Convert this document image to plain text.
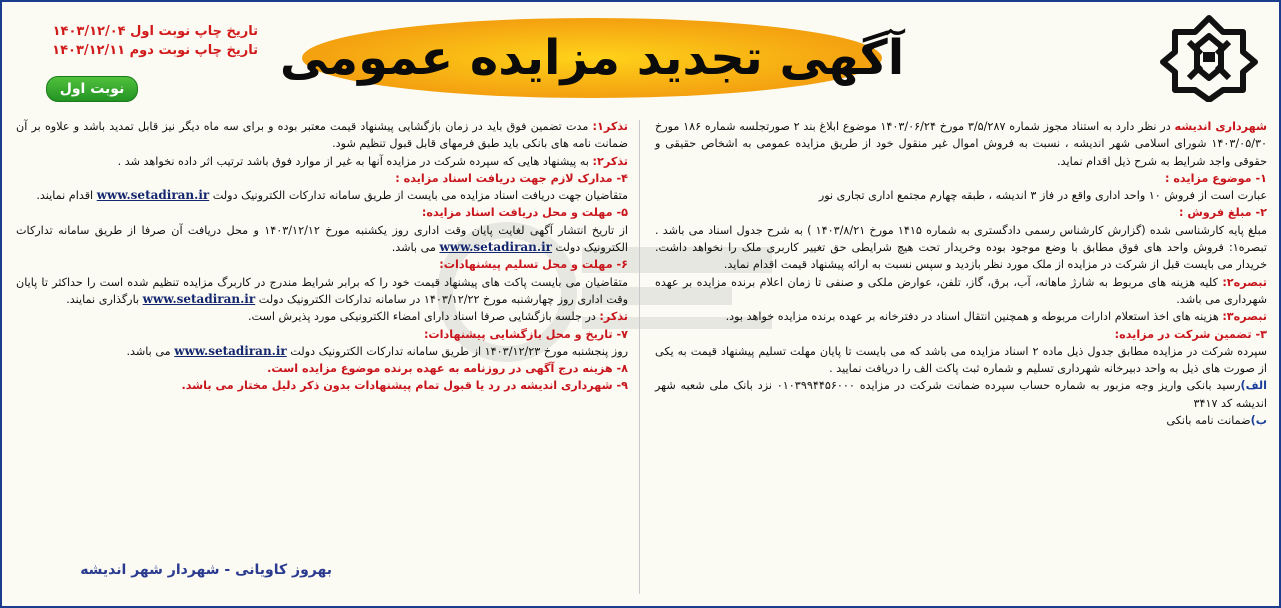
آگهی تجدید مزایده عمومی
تاریخ چاپ نوبت اول ۱۴۰۳/۱۲/۰۴
تاریخ چاپ نوبت دوم ۱۴۰۳/۱۲/۱۱
نوبت اول

شهرداری اندیشه در نظر دارد به استناد مجوز شماره ۳/۵/۲۸۷ مورخ ۱۴۰۳/۰۶/۲۴ موضوع ابلاغ بند ۲ صورتجلسه شماره ۱۸۶ مورخ ۱۴۰۳/۰۵/۳۰ شورای اسلامی شهر اندیشه ، نسبت به فروش اموال غیر منقول خود از طریق مزایده عمومی به اشخاص حقیقی و حقوقی واجد شرایط به شرح ذیل اقدام نماید.

۱- موضوع مزایده :

عبارت است از فروش ۱۰ واحد اداری واقع در فاز ۳ اندیشه ، طبقه چهارم مجتمع اداری تجاری نور

۲- مبلغ فروش :

مبلغ پایه کارشناسی شده (گزارش کارشناس رسمی دادگستری به شماره ۱۴۱۵ مورخ ۱۴۰۳/۸/۲۱ ) به شرح جدول اسناد می باشد . تبصره۱: فروش واحد های فوق مطابق با وضع موجود بوده وخریدار تحت هیچ شرایطی حق تغییر کاربری ملک را نخواهد داشت. خریدار می بایست قبل از شرکت در مزایده از ملک مورد نظر بازدید و سپس نسبت به ارائه پیشنهاد قیمت اقدام نماید.

تبصره۲: کلیه هزینه های مربوط به شارژ ماهانه، آب، برق، گاز، تلفن، عوارض ملکی و صنفی تا زمان اعلام برنده مزایده بر عهده شهرداری می باشد.

تبصره۳: هزینه های اخذ استعلام ادارات مربوطه و همچنین انتقال اسناد در دفترخانه بر عهده برنده مزایده خواهد بود.

۳- تضمین شرکت در مزایده:

سپرده شرکت در مزایده مطابق جدول ذیل ماده ۲ اسناد مزایده می باشد که می بایست تا پایان مهلت تسلیم پیشنهاد قیمت به یکی از صورت های ذیل به واحد دبیرخانه شهرداری تسلیم و شماره ثبت پاکت الف را دریافت نمایید .

الف)رسید بانکی واریز وجه مزبور به شماره حساب سپرده ضمانت شرکت در مزایده ۰۱۰۳۹۹۴۴۵۶۰۰۰ نزد بانک ملی شعبه شهر اندیشه کد ۳۴۱۷

ب)ضمانت نامه بانکی

تذکر۱: مدت تضمین فوق باید در زمان بازگشایی پیشنهاد قیمت معتبر بوده و برای سه ماه دیگر نیز قابل تمدید باشد و علاوه بر آن ضمانت نامه های بانکی باید طبق فرمهای قابل قبول تنظیم شود.

تذکر۲: به پیشنهاد هایی که سپرده شرکت در مزایده آنها به غیر از موارد فوق باشد ترتیب اثر داده نخواهد شد .

۴- مدارک لازم جهت دریافت اسناد مزایده :

متقاضیان جهت دریافت اسناد مزایده می بایست از طریق سامانه تدارکات الکترونیک دولت www.setadiran.ir اقدام نمایند.

۵- مهلت و محل دریافت اسناد مزایده:

از تاریخ انتشار آگهی لغایت پایان وقت اداری روز یکشنبه مورخ ۱۴۰۳/۱۲/۱۲ و محل دریافت آن صرفا از طریق سامانه تدارکات الکترونیک دولت www.setadiran.ir می باشد.

۶- مهلت و محل تسلیم پیشنهادات:

متقاضیان می بایست پاکت های پیشنهاد قیمت خود را که برابر شرایط مندرج در کاربرگ مزایده تنظیم شده است را حداکثر تا پایان وقت اداری روز چهارشنبه مورخ ۱۴۰۳/۱۲/۲۲ در سامانه تدارکات الکترونیک دولت www.setadiran.ir بارگذاری نمایند.

تذکر: در جلسه بازگشایی صرفا اسناد دارای امضاء الکترونیکی مورد پذیرش است.

۷- تاریخ و محل بازگشایی پیشنهادات:

روز پنجشنبه مورخ ۱۴۰۳/۱۲/۲۳ از طریق سامانه تدارکات الکترونیک دولت www.setadiran.ir می باشد.

۸- هزینه درج آگهی در روزنامه به عهده برنده موضوع مزایده است.

۹- شهرداری اندیشه در رد یا قبول تمام پیشنهادات بدون ذکر دلیل مختار می باشد.

بهروز کاویانی - شهردار شهر اندیشه
